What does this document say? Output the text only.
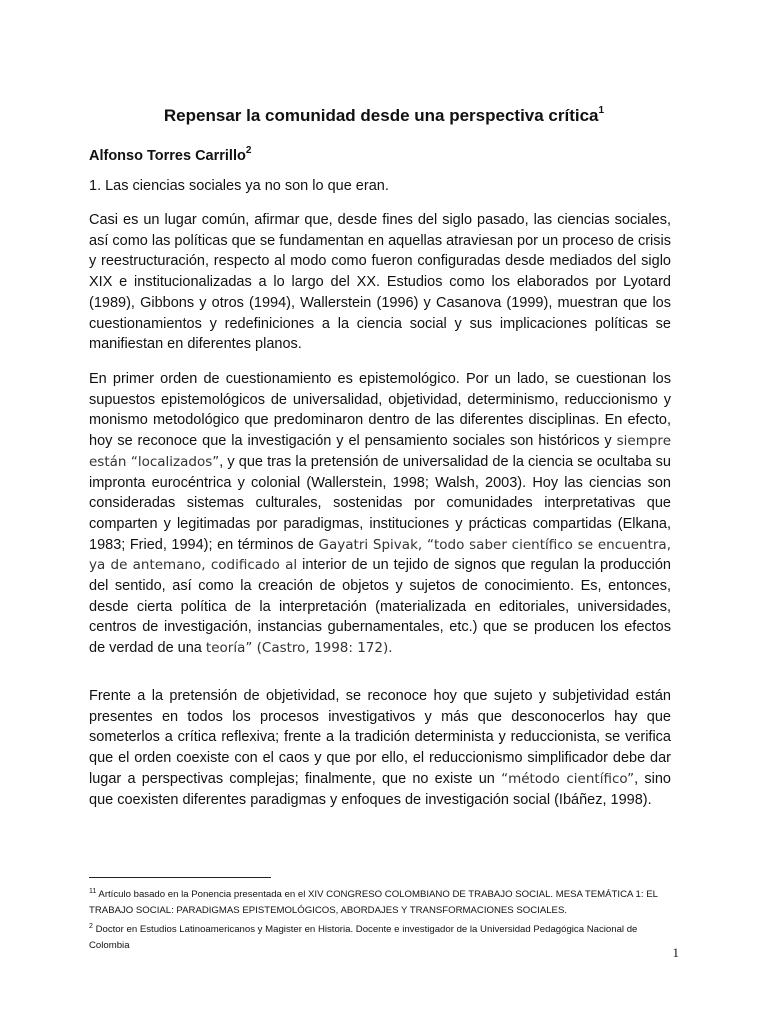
Repensar la comunidad desde una perspectiva crítica$^1$

Alfonso Torres Carrillo$^2$

1. Las ciencias sociales ya no son lo que eran.

Casi es un lugar común, afirmar que, desde fines del siglo pasado, las ciencias sociales, así como las políticas que se fundamentan en aquellas atraviesan por un proceso de crisis y reestructuración, respecto al modo como fueron configuradas desde mediados del siglo XIX e institucionalizadas a lo largo del XX. Estudios como los elaborados por Lyotard (1989), Gibbons y otros (1994), Wallerstein (1996) y Casanova (1999), muestran que los cuestionamientos y redefiniciones a la ciencia social y sus implicaciones políticas se manifiestan en diferentes planos.

En primer orden de cuestionamiento es epistemológico. Por un lado, se cuestionan los supuestos epistemológicos de universalidad, objetividad, determinismo, reduccionismo y monismo metodológico que predominaron dentro de las diferentes disciplinas. En efecto, hoy se reconoce que la investigación y el pensamiento sociales son históricos y siempre están “localizados”, y que tras la pretensión de universalidad de la ciencia se ocultaba su impronta eurocéntrica y colonial (Wallerstein, 1998; Walsh, 2003). Hoy las ciencias son consideradas sistemas culturales, sostenidas por comunidades interpretativas que comparten y legitimadas por paradigmas, instituciones y prácticas compartidas (Elkana, 1983; Fried, 1994); en términos de Gayatri Spivak, “todo saber científico se encuentra, ya de antemano, codificado al interior de un tejido de signos que regulan la producción del sentido, así como la creación de objetos y sujetos de conocimiento. Es, entonces, desde cierta política de la interpretación (materializada en editoriales, universidades, centros de investigación, instancias gubernamentales, etc.) que se producen los efectos de verdad de una teoría” (Castro, 1998: 172).

Frente a la pretensión de objetividad, se reconoce hoy que sujeto y subjetividad están presentes en todos los procesos investigativos y más que desconocerlos hay que someterlos a crítica reflexiva; frente a la tradición determinista y reduccionista, se verifica que el orden coexiste con el caos y que por ello, el reduccionismo simplificador debe dar lugar a perspectivas complejas; finalmente, que no existe un “método científico”, sino que coexisten diferentes paradigmas y enfoques de investigación social (Ibáñez, 1998).

$^{11}$ Artículo basado en la Ponencia presentada en el XIV CONGRESO COLOMBIANO DE TRABAJO SOCIAL. MESA TEMÁTICA 1: EL TRABAJO SOCIAL: PARADIGMAS EPISTEMOLÓGICOS, ABORDAJES Y TRANSFORMACIONES SOCIALES.

$^2$ Doctor en Estudios Latinoamericanos y Magister en Historia. Docente e investigador de la Universidad Pedagógica Nacional de Colombia	1
